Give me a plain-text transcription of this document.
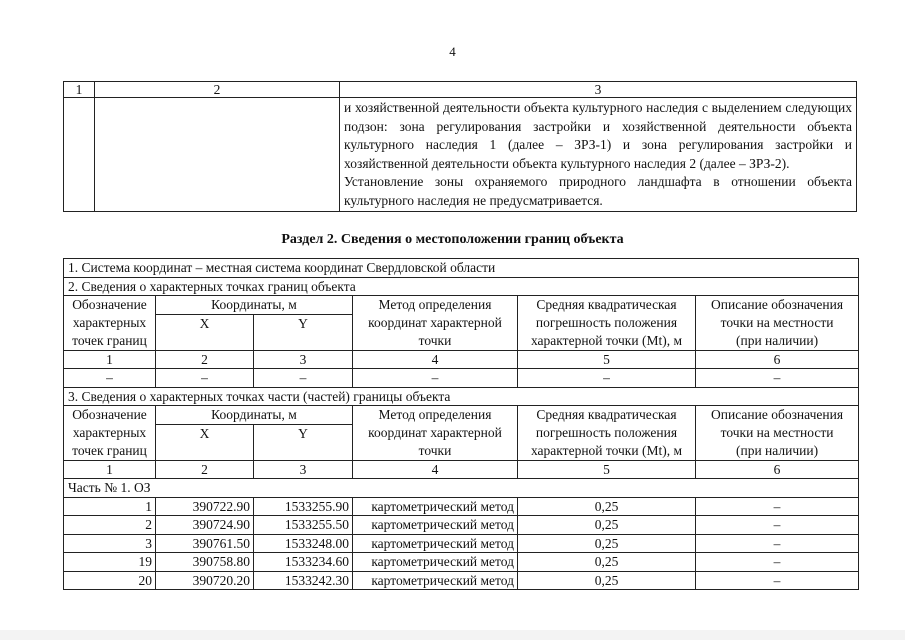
4
1	2	3

		и хозяйственной деятельности объекта культурного наследия с выделением следующих подзон: зона регулирования застройки и хозяйственной деятельности объекта культурного наследия 1 (далее – ЗРЗ-1) и зона регулирования застройки и хозяйственной деятельности объекта культурного наследия 2 (далее – ЗРЗ-2).

Установление зоны охраняемого природного ландшафта в отношении объекта культурного наследия не предусматривается.

Раздел 2. Сведения о местоположении границ объекта
1. Система координат – местная система координат Свердловской области					
2. Сведения о характерных точках границ объекта					
Обозначение	Координаты, м		Метод определения	Средняя квадратическая	Описание обозначения
характерных	X	Y	координат характерной	погрешность положения	точки на местности
точек границ			точки	характерной точки (Mt), м	(при наличии)
1	2	3	4	5	6
–	–	–	–	–	–
3. Сведения о характерных точках части (частей) границы объекта					
Обозначение	Координаты, м		Метод определения	Средняя квадратическая	Описание обозначения
характерных	X	Y	координат характерной	погрешность положения	точки на местности
точек границ			точки	характерной точки (Mt), м	(при наличии)
1	2	3	4	5	6
Часть № 1. ОЗ					
1	390722.90	1533255.90	картометрический метод	0,25	–
2	390724.90	1533255.50	картометрический метод	0,25	–
3	390761.50	1533248.00	картометрический метод	0,25	–
19	390758.80	1533234.60	картометрический метод	0,25	–
20	390720.20	1533242.30	картометрический метод	0,25	–
